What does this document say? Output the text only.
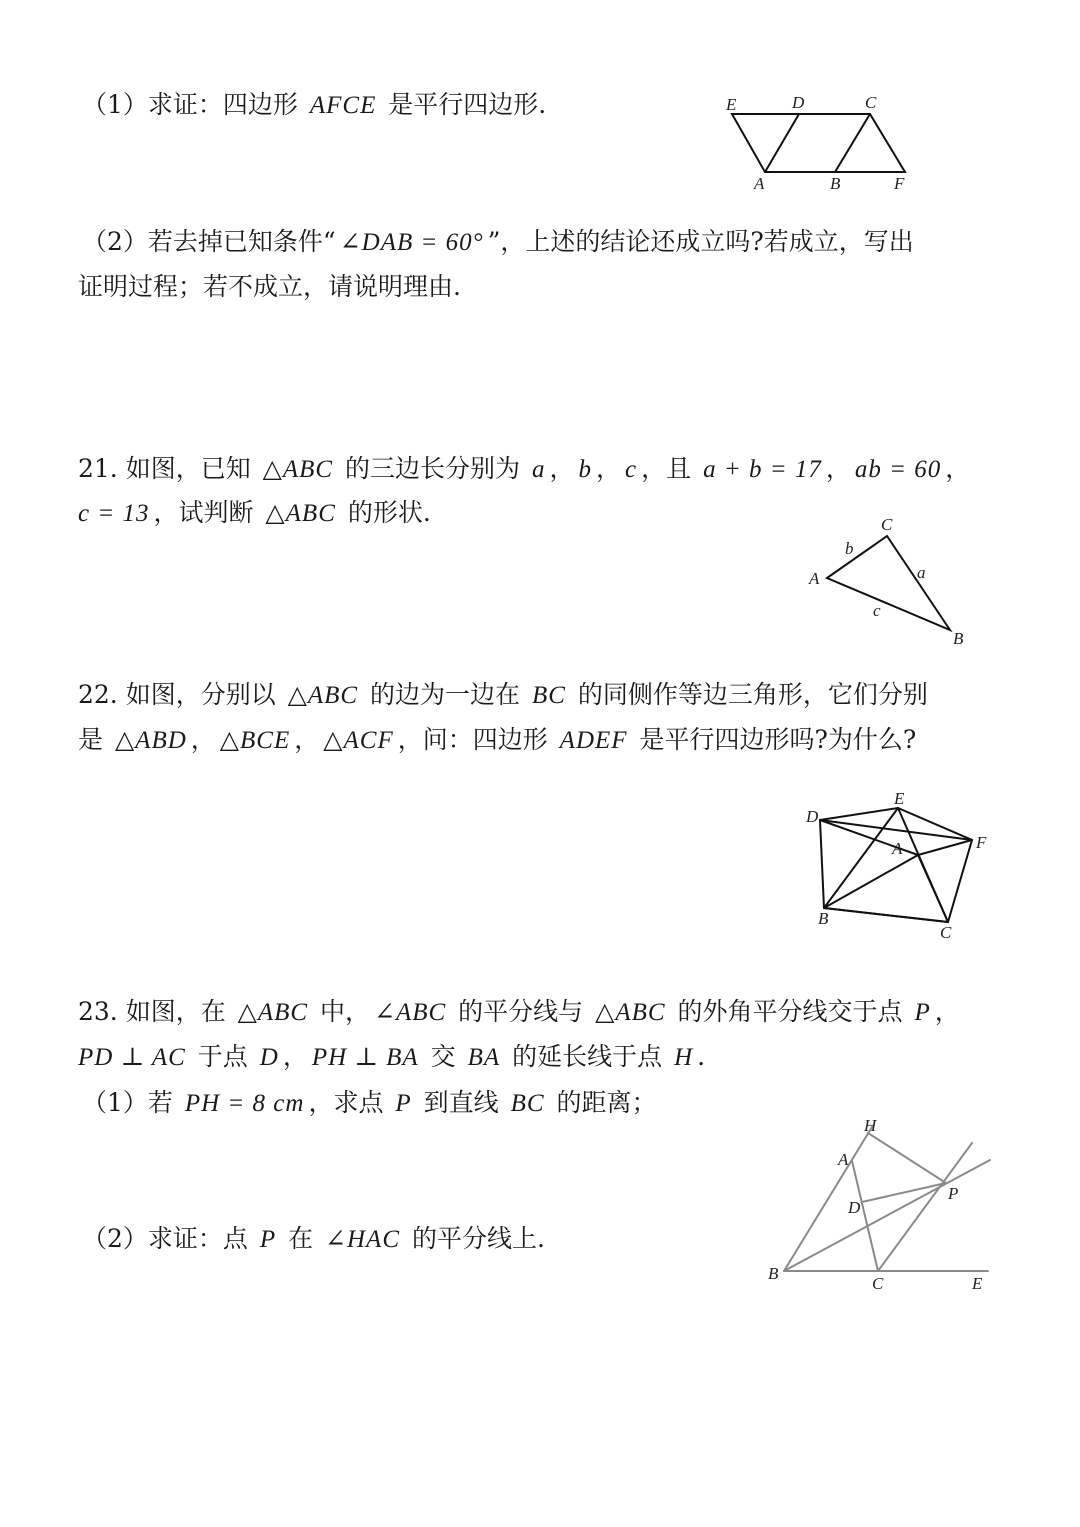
（1）求证：四边形 AFCE 是平行四边形.	E	D	C
A	B	F
（2）若去掉已知条件“ ∠DAB = 60° ”，上述的结论还成立吗?若成立，写出
证明过程；若不成立，请说明理由.
21. 如图，已知 △ABC 的三边长分别为 a ， b ， c ，且 a + b = 17 ， ab = 60 ，
c = 13 ，试判断 △ABC 的形状.	C
A
B
a
b
c
22. 如图，分别以 △ABC 的边为一边在 BC 的同侧作等边三角形，它们分别
是 △ABD ， △BCE ， △ACF ，问：四边形 ADEF 是平行四边形吗?为什么?
D
E
A	F
B
C
23. 如图，在 △ABC 中， ∠ABC 的平分线与 △ABC 的外角平分线交于点 P ，
PD ⊥ AC 于点 D ， PH ⊥ BA 交 BA 的延长线于点 H .
（1）若 PH = 8 cm ，求点 P 到直线 BC 的距离；
（2）求证：点 P 在 ∠HAC 的平分线上.
H
A
D
P
B
C	E
